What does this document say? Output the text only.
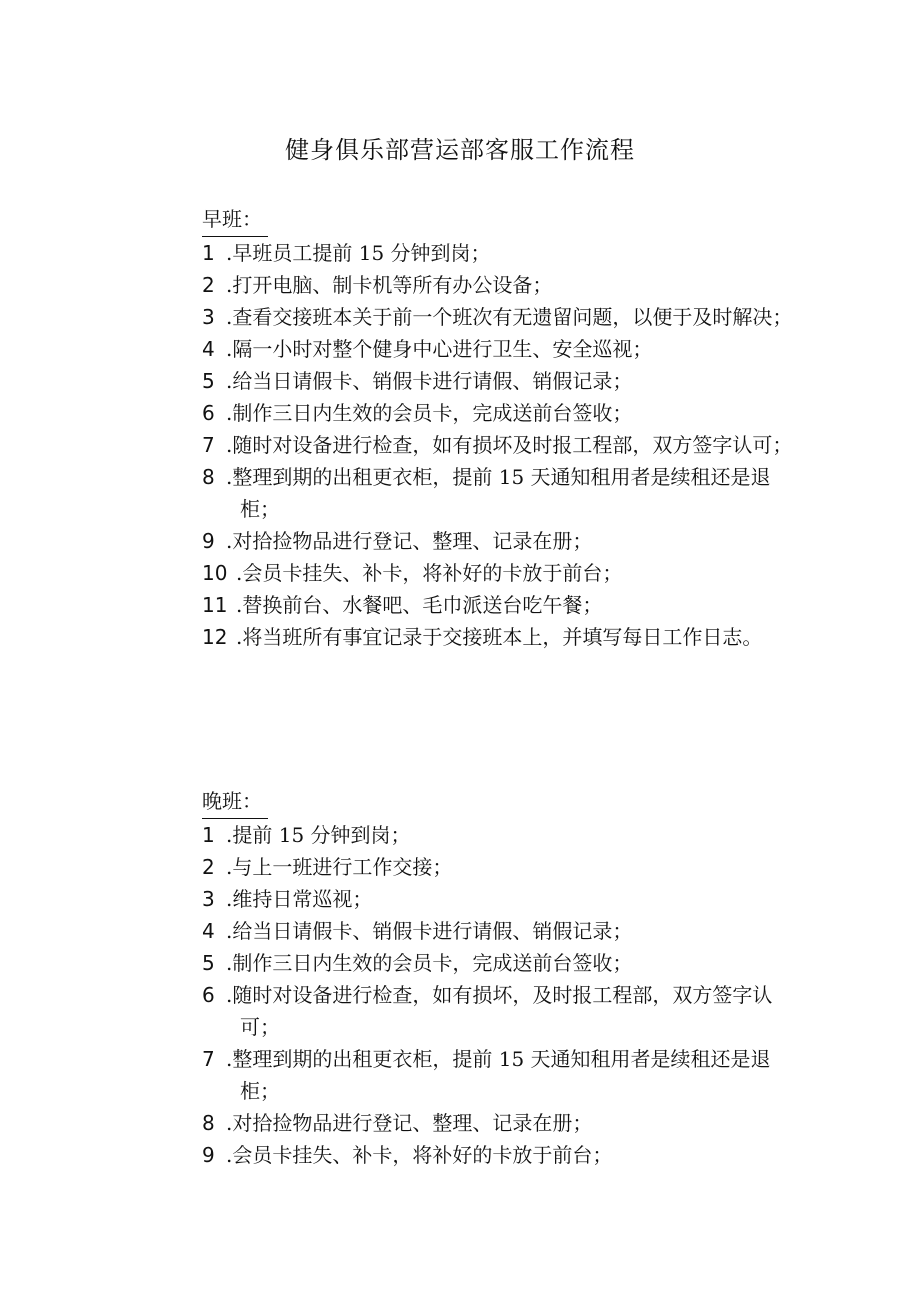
健身俱乐部营运部客服工作流程
早班：
1 .早班员工提前 15 分钟到岗；
2 .打开电脑、制卡机等所有办公设备；
3 .查看交接班本关于前一个班次有无遗留问题，以便于及时解决；
4 .隔一小时对整个健身中心进行卫生、安全巡视；
5 .给当日请假卡、销假卡进行请假、销假记录；
6 .制作三日内生效的会员卡，完成送前台签收；
7 .随时对设备进行检查，如有损坏及时报工程部，双方签字认可；
8 .整理到期的出租更衣柜，提前 15 天通知租用者是续租还是退柜；
9 .对拾捡物品进行登记、整理、记录在册；
10 .会员卡挂失、补卡，将补好的卡放于前台；
11 .替换前台、水餐吧、毛巾派送台吃午餐；
12 .将当班所有事宜记录于交接班本上，并填写每日工作日志。
晚班：
1 .提前 15 分钟到岗；
2 .与上一班进行工作交接；
3 .维持日常巡视；
4 .给当日请假卡、销假卡进行请假、销假记录；
5 .制作三日内生效的会员卡，完成送前台签收；
6 .随时对设备进行检查，如有损坏，及时报工程部，双方签字认可；
7 .整理到期的出租更衣柜，提前 15 天通知租用者是续租还是退柜；
8 .对拾捡物品进行登记、整理、记录在册；
9 .会员卡挂失、补卡，将补好的卡放于前台；
